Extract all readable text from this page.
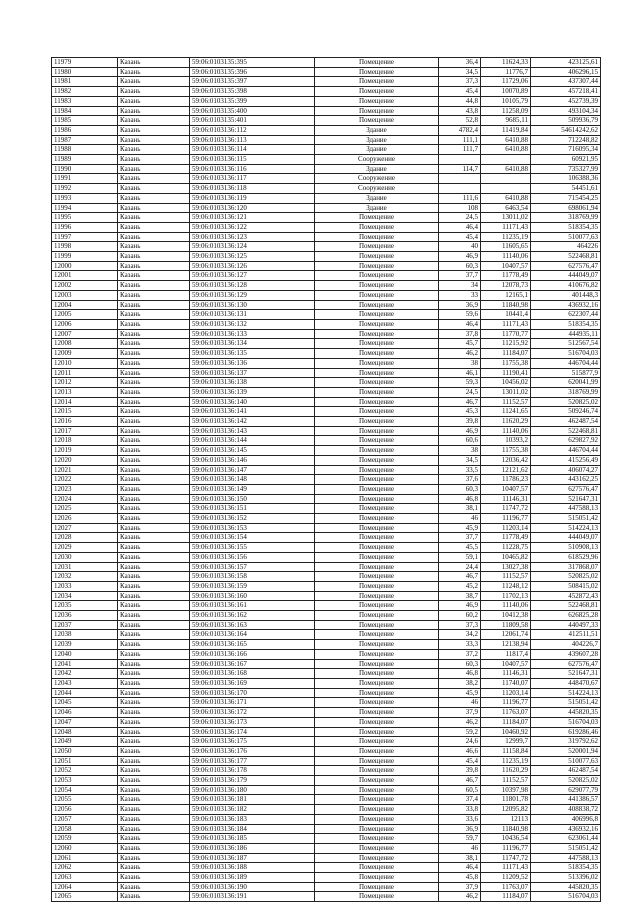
11979	Казань	59:06:0103135:395	Помещение	36,4	11624,33	423125,61
11980	Казань	59:06:0103135:396	Помещение	34,5	11776,7	406296,15
11981	Казань	59:06:0103135:397	Помещение	37,3	11729,06	437307,44
11982	Казань	59:06:0103135:398	Помещение	45,4	10070,89	457218,41
11983	Казань	59:06:0103135:399	Помещение	44,8	10105,79	452739,39
11984	Казань	59:06:0103135:400	Помещение	43,8	11258,09	493104,34
11985	Казань	59:06:0103135:401	Помещение	52,8	9685,11	509936,79
11986	Казань	59:06:0103136:112	Здание	4782,4	11419,84	54614242,62
11987	Казань	59:06:0103136:113	Здание	111,1	6410,88	712248,82
11988	Казань	59:06:0103136:114	Здание	111,7	6410,88	716095,34
11989	Казань	59:06:0103136:115	Сооружение			60921,95
11990	Казань	59:06:0103136:116	Здание	114,7	6410,88	735327,99
11991	Казань	59:06:0103136:117	Сооружение			106388,36
11992	Казань	59:06:0103136:118	Сооружение			54451,61
11993	Казань	59:06:0103136:119	Здание	111,6	6410,88	715454,25
11994	Казань	59:06:0103136:120	Здание	108	6463,54	698061,94
11995	Казань	59:06:0103136:121	Помещение	24,5	13011,02	318769,99
11996	Казань	59:06:0103136:122	Помещение	46,4	11171,43	518354,35
11997	Казань	59:06:0103136:123	Помещение	45,4	11235,19	510077,63
11998	Казань	59:06:0103136:124	Помещение	40	11605,65	464226
11999	Казань	59:06:0103136:125	Помещение	46,9	11140,06	522468,81
12000	Казань	59:06:0103136:126	Помещение	60,3	10407,57	627576,47
12001	Казань	59:06:0103136:127	Помещение	37,7	11778,49	444049,07
12002	Казань	59:06:0103136:128	Помещение	34	12078,73	410676,82
12003	Казань	59:06:0103136:129	Помещение	33	12165,1	401448,3
12004	Казань	59:06:0103136:130	Помещение	36,9	11840,98	436932,16
12005	Казань	59:06:0103136:131	Помещение	59,6	10441,4	622307,44
12006	Казань	59:06:0103136:132	Помещение	46,4	11171,43	518354,35
12007	Казань	59:06:0103136:133	Помещение	37,8	11770,77	444935,11
12008	Казань	59:06:0103136:134	Помещение	45,7	11215,92	512567,54
12009	Казань	59:06:0103136:135	Помещение	46,2	11184,07	516704,03
12010	Казань	59:06:0103136:136	Помещение	38	11755,38	446704,44
12011	Казань	59:06:0103136:137	Помещение	46,1	11190,41	515877,9
12012	Казань	59:06:0103136:138	Помещение	59,3	10456,02	620041,99
12013	Казань	59:06:0103136:139	Помещение	24,5	13011,02	318769,99
12014	Казань	59:06:0103136:140	Помещение	46,7	11152,57	520825,02
12015	Казань	59:06:0103136:141	Помещение	45,3	11241,65	509246,74
12016	Казань	59:06:0103136:142	Помещение	39,8	11620,29	462487,54
12017	Казань	59:06:0103136:143	Помещение	46,9	11140,06	522468,81
12018	Казань	59:06:0103136:144	Помещение	60,6	10393,2	629827,92
12019	Казань	59:06:0103136:145	Помещение	38	11755,38	446704,44
12020	Казань	59:06:0103136:146	Помещение	34,5	12036,42	415256,49
12021	Казань	59:06:0103136:147	Помещение	33,5	12121,62	406074,27
12022	Казань	59:06:0103136:148	Помещение	37,6	11786,23	443162,25
12023	Казань	59:06:0103136:149	Помещение	60,3	10407,57	627576,47
12024	Казань	59:06:0103136:150	Помещение	46,8	11146,31	521647,31
12025	Казань	59:06:0103136:151	Помещение	38,1	11747,72	447588,13
12026	Казань	59:06:0103136:152	Помещение	46	11196,77	515051,42
12027	Казань	59:06:0103136:153	Помещение	45,9	11203,14	514224,13
12028	Казань	59:06:0103136:154	Помещение	37,7	11778,49	444049,07
12029	Казань	59:06:0103136:155	Помещение	45,5	11228,75	510908,13
12030	Казань	59:06:0103136:156	Помещение	59,1	10465,82	618529,96
12031	Казань	59:06:0103136:157	Помещение	24,4	13027,38	317868,07
12032	Казань	59:06:0103136:158	Помещение	46,7	11152,57	520825,02
12033	Казань	59:06:0103136:159	Помещение	45,2	11248,12	508415,02
12034	Казань	59:06:0103136:160	Помещение	38,7	11702,13	452872,43
12035	Казань	59:06:0103136:161	Помещение	46,9	11140,06	522468,81
12036	Казань	59:06:0103136:162	Помещение	60,2	10412,38	626825,28
12037	Казань	59:06:0103136:163	Помещение	37,3	11809,58	440497,33
12038	Казань	59:06:0103136:164	Помещение	34,2	12061,74	412511,51
12039	Казань	59:06:0103136:165	Помещение	33,3	12138,94	404226,7
12040	Казань	59:06:0103136:166	Помещение	37,2	11817,4	439607,28
12041	Казань	59:06:0103136:167	Помещение	60,3	10407,57	627576,47
12042	Казань	59:06:0103136:168	Помещение	46,8	11146,31	521647,31
12043	Казань	59:06:0103136:169	Помещение	38,2	11740,07	448470,67
12044	Казань	59:06:0103136:170	Помещение	45,9	11203,14	514224,13
12045	Казань	59:06:0103136:171	Помещение	46	11196,77	515051,42
12046	Казань	59:06:0103136:172	Помещение	37,9	11763,07	445820,35
12047	Казань	59:06:0103136:173	Помещение	46,2	11184,07	516704,03
12048	Казань	59:06:0103136:174	Помещение	59,2	10460,92	619286,46
12049	Казань	59:06:0103136:175	Помещение	24,6	12999,7	319792,62
12050	Казань	59:06:0103136:176	Помещение	46,6	11158,84	520001,94
12051	Казань	59:06:0103136:177	Помещение	45,4	11235,19	510077,63
12052	Казань	59:06:0103136:178	Помещение	39,8	11620,29	462487,54
12053	Казань	59:06:0103136:179	Помещение	46,7	11152,57	520825,02
12054	Казань	59:06:0103136:180	Помещение	60,5	10397,98	629077,79
12055	Казань	59:06:0103136:181	Помещение	37,4	11801,78	441386,57
12056	Казань	59:06:0103136:182	Помещение	33,8	12095,82	408838,72
12057	Казань	59:06:0103136:183	Помещение	33,6	12113	406996,8
12058	Казань	59:06:0103136:184	Помещение	36,9	11840,98	436932,16
12059	Казань	59:06:0103136:185	Помещение	59,7	10436,54	623061,44
12060	Казань	59:06:0103136:186	Помещение	46	11196,77	515051,42
12061	Казань	59:06:0103136:187	Помещение	38,1	11747,72	447588,13
12062	Казань	59:06:0103136:188	Помещение	46,4	11171,43	518354,35
12063	Казань	59:06:0103136:189	Помещение	45,8	11209,52	513396,02
12064	Казань	59:06:0103136:190	Помещение	37,9	11763,07	445820,35
12065	Казань	59:06:0103136:191	Помещение	46,2	11184,07	516704,03
